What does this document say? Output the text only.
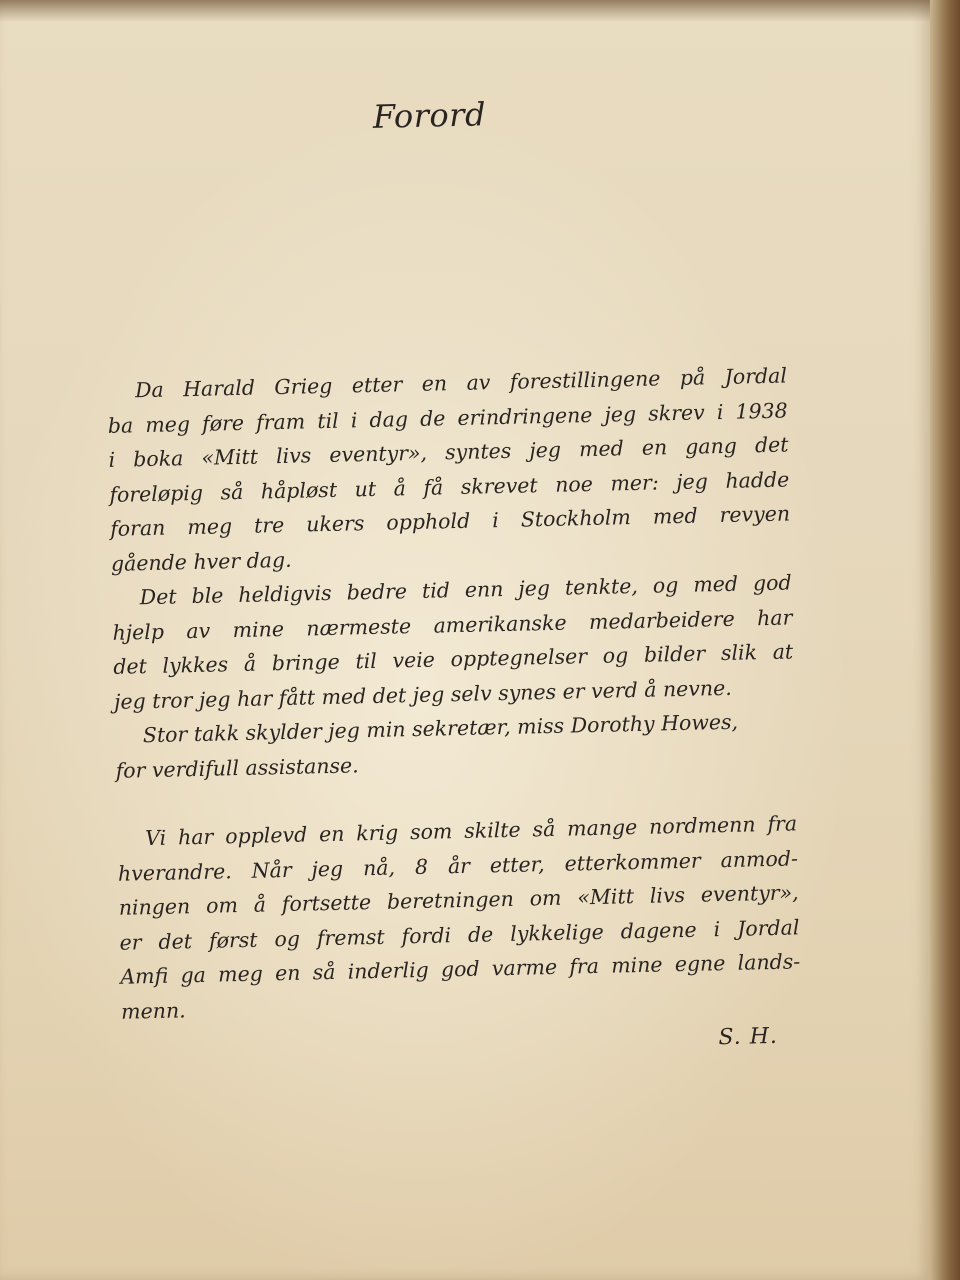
Forord
Da Harald Grieg etter en av forestillingene på Jordal
ba meg føre fram til i dag de erindringene jeg skrev i 1938
i boka «Mitt livs eventyr», syntes jeg med en gang det
foreløpig så håpløst ut å få skrevet noe mer: jeg hadde
foran meg tre ukers opphold i Stockholm med revyen
gående hver dag.
Det ble heldigvis bedre tid enn jeg tenkte, og med god
hjelp av mine nærmeste amerikanske medarbeidere har
det lykkes å bringe til veie opptegnelser og bilder slik at
jeg tror jeg har fått med det jeg selv synes er verd å nevne.
Stor takk skylder jeg min sekretær, miss Dorothy Howes,
for verdifull assistanse.
Vi har opplevd en krig som skilte så mange nordmenn fra
hverandre. Når jeg nå, 8 år etter, etterkommer anmod-
ningen om å fortsette beretningen om «Mitt livs eventyr»,
er det først og fremst fordi de lykkelige dagene i Jordal
Amfi ga meg en så inderlig god varme fra mine egne lands-
menn.
S. H.
